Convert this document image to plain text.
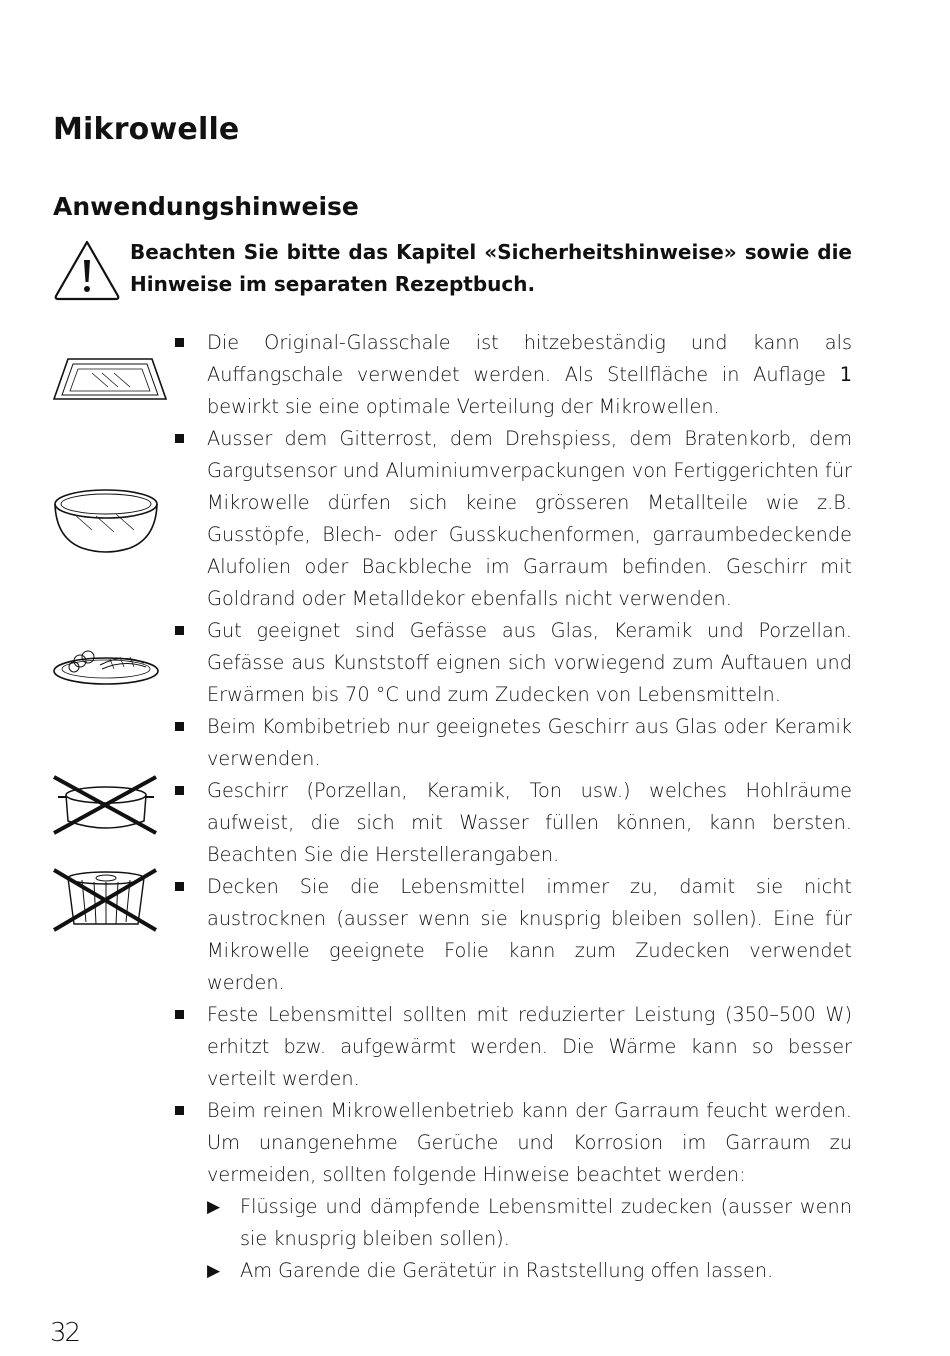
Mikrowelle
Anwendungshinweise
Beachten Sie bitte das Kapitel «Sicherheitshinweise» sowie die Hinweise im separaten Rezeptbuch.
Die Original-Glasschale ist hitzebeständig und kann als Auffangschale verwendet werden. Als Stellfläche in Auflage 1 bewirkt sie eine optimale Verteilung der Mikrowellen.
Ausser dem Gitterrost, dem Drehspiess, dem Bratenkorb, dem Gargutsensor und Aluminiumverpackungen von Fertiggerichten für Mikrowelle dürfen sich keine grösseren Metallteile wie z.B. Gusstöpfe, Blech- oder Gusskuchenformen, garraumbedeckende Alufolien oder Backbleche im Garraum befinden. Geschirr mit Goldrand oder Metalldekor ebenfalls nicht verwenden.
Gut geeignet sind Gefässe aus Glas, Keramik und Porzellan. Gefässe aus Kunststoff eignen sich vorwiegend zum Auftauen und Erwärmen bis 70 °C und zum Zudecken von Lebensmitteln.
Beim Kombibetrieb nur geeignetes Geschirr aus Glas oder Keramik verwenden.
Geschirr (Porzellan, Keramik, Ton usw.) welches Hohlräume aufweist, die sich mit Wasser füllen können, kann bersten. Beachten Sie die Herstellerangaben.
Decken Sie die Lebensmittel immer zu, damit sie nicht austrocknen (ausser wenn sie knusprig bleiben sollen). Eine für Mikrowelle geeignete Folie kann zum Zudecken verwendet werden.
Feste Lebensmittel sollten mit reduzierter Leistung (350–500 W) erhitzt bzw. aufgewärmt werden. Die Wärme kann so besser verteilt werden.
Beim reinen Mikrowellenbetrieb kann der Garraum feucht werden. Um unangenehme Gerüche und Korrosion im Garraum zu vermeiden, sollten folgende Hinweise beachtet werden:
▶ Flüssige und dämpfende Lebensmittel zudecken (ausser wenn sie knusprig bleiben sollen).
▶ Am Garende die Gerätetür in Raststellung offen lassen.
32
